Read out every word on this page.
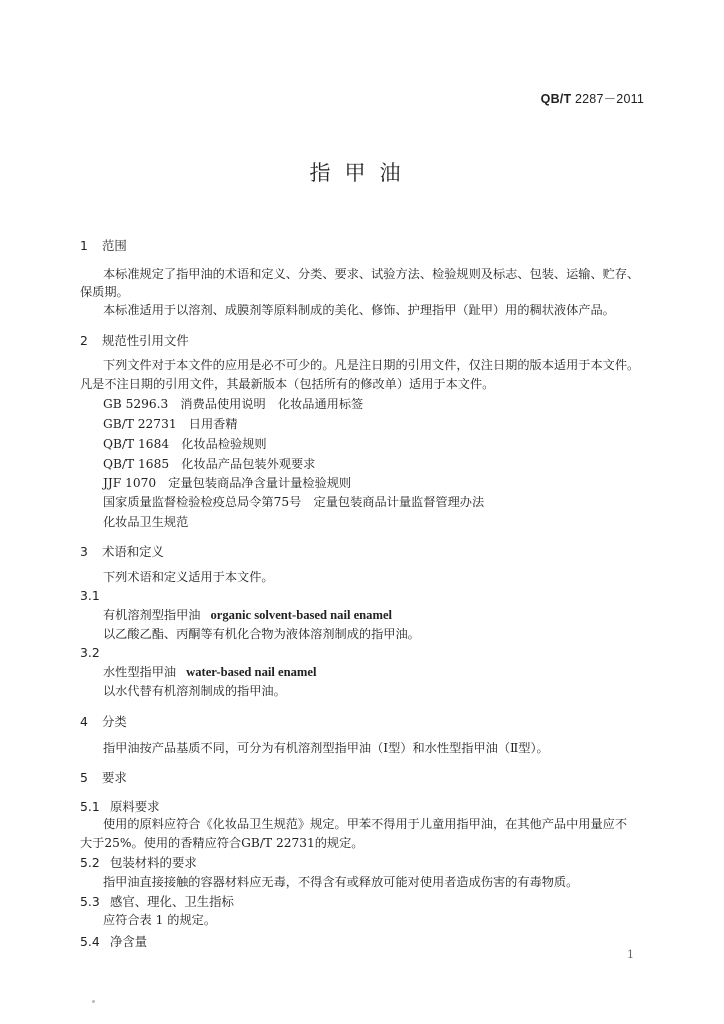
QB/T 2287－2011
指甲油
1 范围
本标准规定了指甲油的术语和定义、分类、要求、试验方法、检验规则及标志、包装、运输、贮存、
保质期。
本标准适用于以溶剂、成膜剂等原料制成的美化、修饰、护理指甲（趾甲）用的稠状液体产品。
2 规范性引用文件
下列文件对于本文件的应用是必不可少的。凡是注日期的引用文件，仅注日期的版本适用于本文件。
凡是不注日期的引用文件，其最新版本（包括所有的修改单）适用于本文件。
GB 5296.3　消费品使用说明　化妆品通用标签
GB/T 22731　日用香精
QB/T 1684　化妆品检验规则
QB/T 1685　化妆品产品包装外观要求
JJF 1070　定量包装商品净含量计量检验规则
国家质量监督检验检疫总局令第75号　定量包装商品计量监督管理办法
化妆品卫生规范
3 术语和定义
下列术语和定义适用于本文件。
3.1
有机溶剂型指甲油 organic solvent-based nail enamel
以乙酸乙酯、丙酮等有机化合物为液体溶剂制成的指甲油。
3.2
水性型指甲油 water-based nail enamel
以水代替有机溶剂制成的指甲油。
4 分类
指甲油按产品基质不同，可分为有机溶剂型指甲油（Ⅰ型）和水性型指甲油（Ⅱ型）。
5 要求
5.1 原料要求
使用的原料应符合《化妆品卫生规范》规定。甲苯不得用于儿童用指甲油，在其他产品中用量应不
大于25%。使用的香精应符合GB/T 22731的规定。
5.2 包装材料的要求
指甲油直接接触的容器材料应无毒，不得含有或释放可能对使用者造成伤害的有毒物质。
5.3 感官、理化、卫生指标
应符合表 1 的规定。
5.4 净含量
1
